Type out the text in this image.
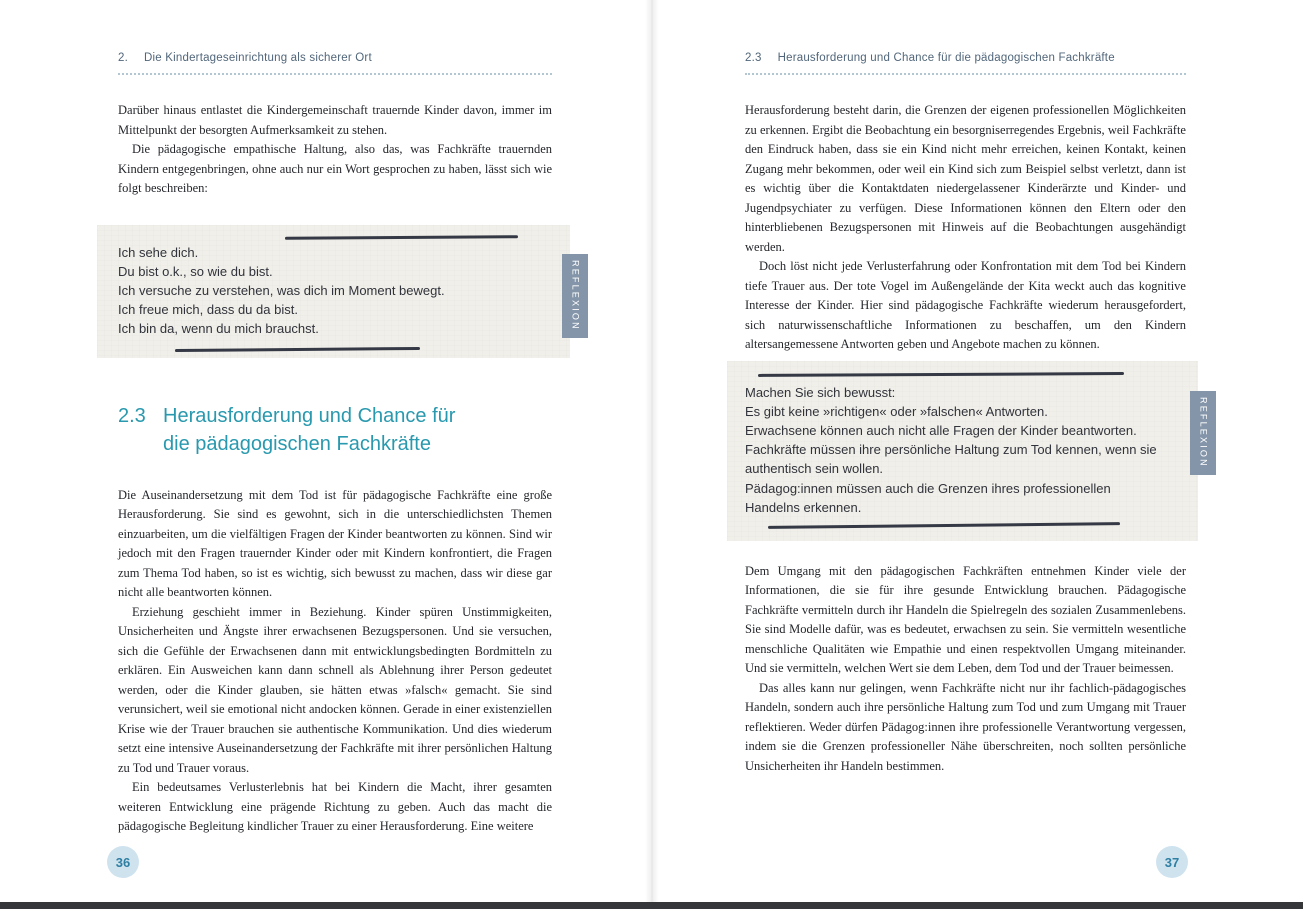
2. Die Kindertageseinrichtung als sicherer Ort

Darüber hinaus entlastet die Kindergemeinschaft trauernde Kinder davon, immer im Mittelpunkt der besorgten Aufmerksamkeit zu stehen.

Die pädagogische empathische Haltung, also das, was Fachkräfte trauernden Kindern entgegenbringen, ohne auch nur ein Wort gesprochen zu haben, lässt sich wie folgt beschreiben:

Ich sehe dich.
Du bist o.k., so wie du bist.
Ich versuche zu verstehen, was dich im Moment bewegt.
Ich freue mich, dass du da bist.
Ich bin da, wenn du mich brauchst.	REFLEXION
2.3 Herausforderung und Chance für
die pädagogischen Fachkräfte

Die Auseinandersetzung mit dem Tod ist für pädagogische Fachkräfte eine große Herausforderung. Sie sind es gewohnt, sich in die unterschiedlichsten Themen einzuarbeiten, um die vielfältigen Fragen der Kinder beantworten zu können. Sind wir jedoch mit den Fragen trauernder Kinder oder mit Kindern konfrontiert, die Fragen zum Thema Tod haben, so ist es wichtig, sich bewusst zu machen, dass wir diese gar nicht alle beantworten können.

Erziehung geschieht immer in Beziehung. Kinder spüren Unstimmigkeiten, Unsicherheiten und Ängste ihrer erwachsenen Bezugspersonen. Und sie versuchen, sich die Gefühle der Erwachsenen dann mit entwicklungsbedingten Bordmitteln zu erklären. Ein Ausweichen kann dann schnell als Ablehnung ihrer Person gedeutet werden, oder die Kinder glauben, sie hätten etwas »falsch« gemacht. Sie sind verunsichert, weil sie emotional nicht andocken können. Gerade in einer existenziellen Krise wie der Trauer brauchen sie authentische Kommunikation. Und dies wiederum setzt eine intensive Auseinandersetzung der Fachkräfte mit ihrer persönlichen Haltung zu Tod und Trauer voraus.

Ein bedeutsames Verlusterlebnis hat bei Kindern die Macht, ihrer gesamten weiteren Entwicklung eine prägende Richtung zu geben. Auch das macht die pädagogische Begleitung kindlicher Trauer zu einer Herausforderung. Eine weitere

36
2.3 Herausforderung und Chance für die pädagogischen Fachkräfte

Herausforderung besteht darin, die Grenzen der eigenen professionellen Möglichkeiten zu erkennen. Ergibt die Beobachtung ein besorgniserregendes Ergebnis, weil Fachkräfte den Eindruck haben, dass sie ein Kind nicht mehr erreichen, keinen Kontakt, keinen Zugang mehr bekommen, oder weil ein Kind sich zum Beispiel selbst verletzt, dann ist es wichtig über die Kontaktdaten niedergelassener Kinderärzte und Kinder- und Jugendpsychiater zu verfügen. Diese Informationen können den Eltern oder den hinterbliebenen Bezugspersonen mit Hinweis auf die Beobachtungen ausgehändigt werden.

Doch löst nicht jede Verlusterfahrung oder Konfrontation mit dem Tod bei Kindern tiefe Trauer aus. Der tote Vogel im Außengelände der Kita weckt auch das kognitive Interesse der Kinder. Hier sind pädagogische Fachkräfte wiederum herausgefordert, sich naturwissenschaftliche Informationen zu beschaffen, um den Kindern altersangemessene Antworten geben und Angebote machen zu können.

Machen Sie sich bewusst:
Es gibt keine »richtigen« oder »falschen« Antworten.
Erwachsene können auch nicht alle Fragen der Kinder beantworten.
Fachkräfte müssen ihre persönliche Haltung zum Tod kennen, wenn sie authentisch sein wollen.
Pädagog:innen müssen auch die Grenzen ihres professionellen Handelns erkennen.
REFLEXION

Dem Umgang mit den pädagogischen Fachkräften entnehmen Kinder viele der Informationen, die sie für ihre gesunde Entwicklung brauchen. Pädagogische Fachkräfte vermitteln durch ihr Handeln die Spielregeln des sozialen Zusammenlebens. Sie sind Modelle dafür, was es bedeutet, erwachsen zu sein. Sie vermitteln wesentliche menschliche Qualitäten wie Empathie und einen respektvollen Umgang miteinander. Und sie vermitteln, welchen Wert sie dem Leben, dem Tod und der Trauer beimessen.

Das alles kann nur gelingen, wenn Fachkräfte nicht nur ihr fachlich-pädagogisches Handeln, sondern auch ihre persönliche Haltung zum Tod und zum Umgang mit Trauer reflektieren. Weder dürfen Pädagog:innen ihre professionelle Verantwortung vergessen, indem sie die Grenzen professioneller Nähe überschreiten, noch sollten persönliche Unsicherheiten ihr Handeln bestimmen.

37
